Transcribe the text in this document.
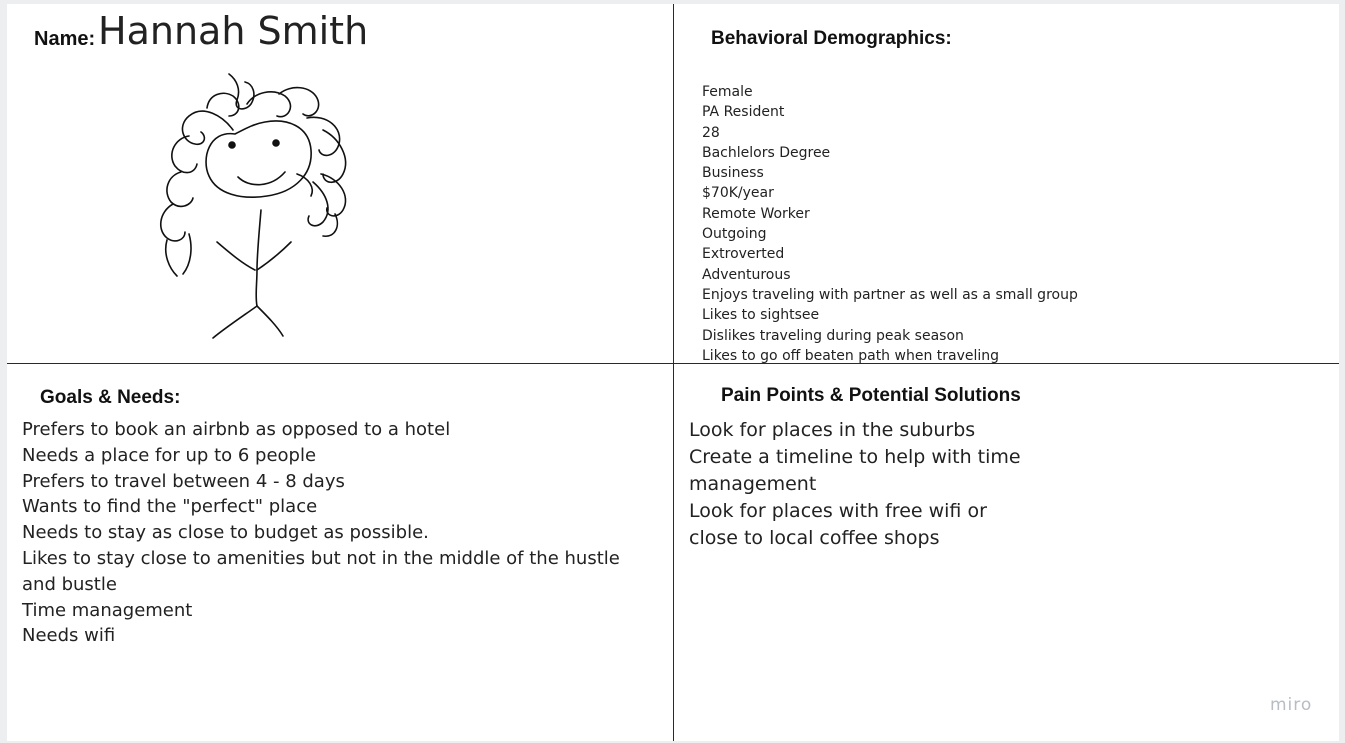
Name: Hannah Smith	Behavioral Demographics:
Female
PA Resident
28
Bachlelors Degree
Business
$70K/year
Remote Worker
Outgoing
Extroverted
Adventurous
Enjoys traveling with partner as well as a small group
Likes to sightsee
Dislikes traveling during peak season
Likes to go off beaten path when traveling
Goals & Needs:
Prefers to book an airbnb as opposed to a hotel
Needs a place for up to 6 people
Prefers to travel between 4 - 8 days
Wants to find the "perfect" place
Needs to stay as close to budget as possible.
Likes to stay close to amenities but not in the middle of the hustle and bustle
Time management
Needs wifi
Pain Points & Potential Solutions
Look for places in the suburbs
Create a timeline to help with time management
Look for places with free wifi or close to local coffee shops
miro
